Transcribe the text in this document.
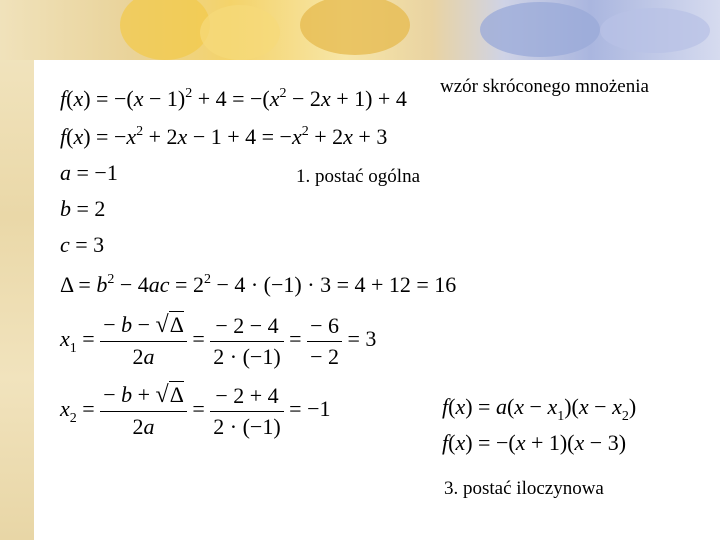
$f(x) = -(x - 1)^2 + 4 = -(x^2 - 2x + 1) + 4$ wzór skróconego mnożenia
$f(x) = -x^2 + 2x - 1 + 4 = -x^2 + 2x + 3$
a = −1	1. postać ogólna
b = 2
c = 3
$\Delta = b^2 - 4ac = 2^2 - 4 \cdot (-1) \cdot 3 = 4 + 12 = 16$
$x_1 = \frac{- b - √\Delta}{2a} = \frac{- 2 - 4}{2 \cdot (-1)} = \frac{- 6}{- 2} = 3$
$x_2 = \frac{- b + √\Delta}{2a} = \frac{- 2 + 4}{2 \cdot (-1)} = -1$	$f(x) = a(x - x_1)(x - x_2)$
f(x) = −(x + 1)(x − 3)
3. postać iloczynowa
